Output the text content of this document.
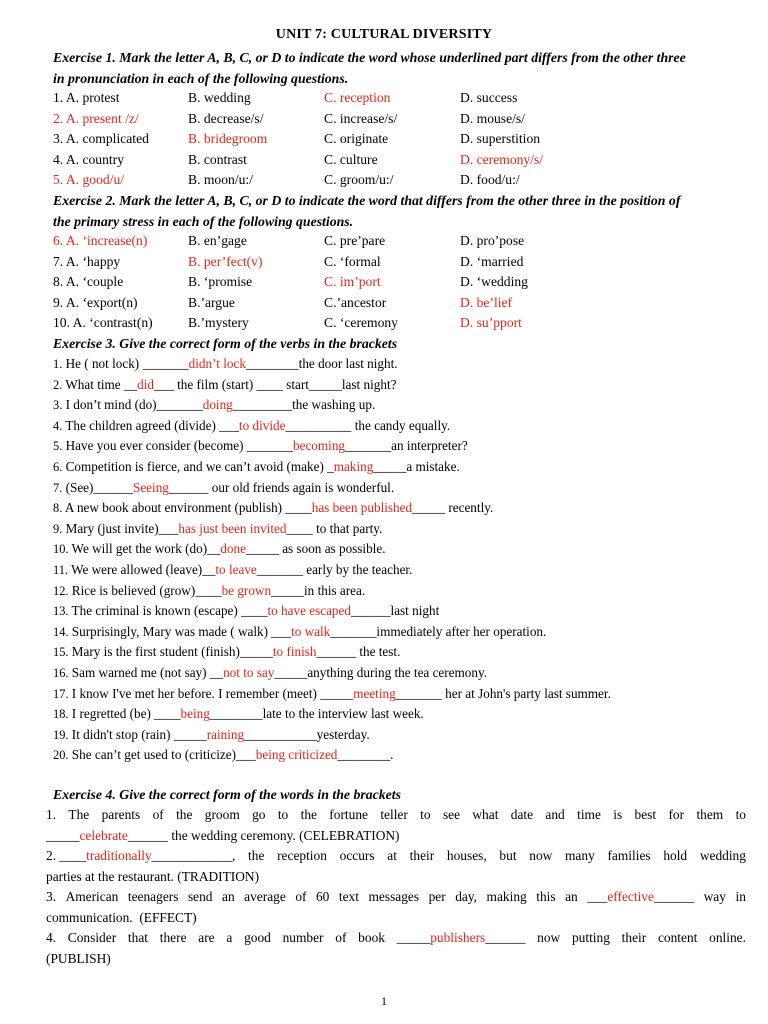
UNIT 7: CULTURAL DIVERSITY
Exercise 1. Mark the letter A, B, C, or D to indicate the word whose underlined part differs from the other three
in pronunciation in each of the following questions.
1. A. protest	B. wedding	C. reception	D. success
2. A. present /z/	B. decrease/s/	C. increase/s/	D. mouse/s/
3. A. complicated	B. bridegroom	C. originate	D. superstition
4. A. country	B. contrast	C. culture	D. ceremony/s/
5. A. good/u/	B. moon/u:/	C. groom/u:/	D. food/u:/
Exercise 2. Mark the letter A, B, C, or D to indicate the word that differs from the other three in the position of
the primary stress in each of the following questions.
6. A. ‘increase(n)	B. en’gage	C. pre’pare	D. pro’pose
7. A. ‘happy	B. per’fect(v)	C. ‘formal	D. ‘married
8. A. ‘couple	B. ‘promise	C. im’port	D. ‘wedding
9. A. ‘export(n)	B.’argue	C.’ancestor	D. be’lief
10. A. ‘contrast(n)	B.’mystery	C. ‘ceremony	D. su’pport
Exercise 3. Give the correct form of the verbs in the brackets
1. He ( not lock) _______didn’t lock________the door last night.
2. What time __did___ the film (start) ____ start_____last night?
3. I don’t mind (do)_______doing_________the washing up.
4. The children agreed (divide) ___to divide__________ the candy equally.
5. Have you ever consider (become) _______becoming_______an interpreter?
6. Competition is fierce, and we can’t avoid (make) _making_____a mistake.
7. (See)______Seeing______ our old friends again is wonderful.
8. A new book about environment (publish) ____has been published_____ recently.
9. Mary (just invite)___has just been invited____ to that party.
10. We will get the work (do)__done_____ as soon as possible.
11. We were allowed (leave)__to leave_______ early by the teacher.
12. Rice is believed (grow)____be grown_____in this area.
13. The criminal is known (escape) ____to have escaped______last night
14. Surprisingly, Mary was made ( walk) ___to walk_______immediately after her operation.
15. Mary is the first student (finish)_____to finish______ the test.
16. Sam warned me (not say) __not to say_____anything during the tea ceremony.
17. I know I've met her before. I remember (meet) _____meeting_______ her at John's party last summer.
18. I regretted (be) ____being________late to the interview last week.
19. It didn't stop (rain) _____raining___________yesterday.
20. She can’t get used to (criticize)___being criticized________.
Exercise 4. Give the correct form of the words in the brackets
1. The parents of the groom go to the fortune teller to see what date and time is best for them to
_____ celebrate ______ the wedding ceremony. (CELEBRATION)
2. ____traditionally____________, the reception occurs at their houses, but now many families hold wedding
parties at the restaurant. (TRADITION)
3. American teenagers send an average of 60 text messages per day, making this an ___effective______ way in
communication.  (EFFECT)
4. Consider that there are a good number of book _____publishers______ now putting their content online.
(PUBLISH)
1
